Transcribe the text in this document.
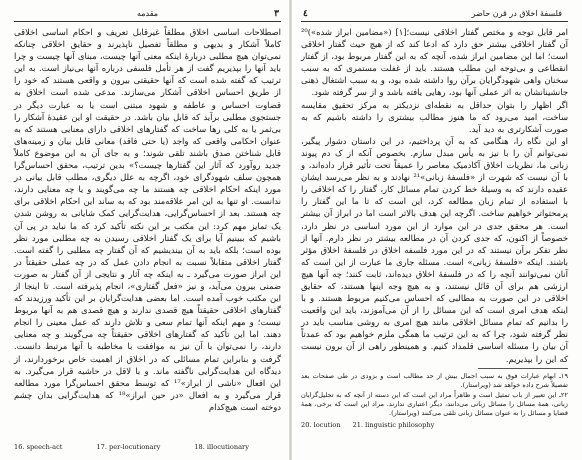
٣
مقدمه

اصطلاحات اساسی اخلاق مطلقاً غیرقابل تعریف و احکام اساسی اخلاقی کاملاً آشکار و بدیهی و مطلقاً تفصیل ناپذیرند و حقایق اخلاقی چنانکه نمی‌توان هیچ مطلبی دربارهٔ اینکه معنی آنها چیست، مبنای آنها چیست و چرا باید آنها را بپذیریم گفت از هر تأمل فلسفی درباره آنها بی‌نیاز است. به این ترتیب که گفته شده است که آنها حقیقتی بیرون و واقعی هستند که خود را از طریق احساس اخلاقی آشکار می‌سازند. مدعی شده است اخلاق به قضاوت احساس و عاطفه و شهود مبتنی است یا به عبارت دیگر در جستجوی مطلبی برآید که قابل بیان باشد. در حقیقت او این عقیدهٔ آشکار را بی‌ثمر یا به کلی رها ساخت که گفتارهای اخلاقی دارای معنایی هستند که به عنوان احکامی واقعی که واجد (یا حتی فاقد) معانی قابل بیان و زمینه‌های قابل شناختن صدق باشند تلقی شوند؛ و به جای آن به این موضوع کاملاً جدید روآورد که آثار این گفتارها چیست؟» بدین ترتیب، محقق احساس‌گرا همچون سلف شهودگرای خود، اگرچه به علل دیگری، مطلب قابل بیانی در مورد اینکه احکام اخلاقی چه هستند ما چه می‌گویند و یا چه معنایی دارند، ندانست. او تنها به این امر علاقه‌مند بود که به ساند این احکام اخلاقی برای چه هستند. بعد از احساس‌گرایی، هدایت‌گرایی کمک شایانی به روشن شدن یک تمایز مهم کرد: این مکتب بر این نکته تأکید کرد که ما نباید در پی آن باشیم که ببینیم آیا برای یک گفتار اخلاقی رسیدن به چه مطلبی مورد نظر بوده است؛ بلکه باید به آن بیندیشیم که آن گفتار چه مطلبی را گفته است. گفتار اخلاقی متقابلاً نسبت به انجام دادن عمل که در چه عملی حقیقتاً در این ابراز صورت می‌گیرد ـ به اینکه چه آثار و نتایجی از آن گفتار به صورت ضمنی بیرون می‌آید، و نیز «فعل گفتاری»، انجام پذیرفته است. تا اینجا از این مکتب خوب آمده است. اما بعضی هدایت‌گرایان بر این تأکید ورزیدند که گفتارهای اخلاقی حقیقتاً هیچ قصدی ندارند و هیچ قصدی هم به آنها مربوط نیست؛ و مهم اینکه آنها تمام سعی و تلاش دارند که عمل معینی را انجام دهند. اما این تأکید که گفتارهای اخلاقی حقیقتاً چه می‌گویند و چه معنایی دارند، را نمی‌توان با آن نیز به موافقت با مخاطبه با آنها مرتبط دانست. گرفت و بنابراین تمام مسائلی که در اخلاق از اهمیت خاص برخوردارند، از دیدگاه این هدایت‌گرایی ناگفته ماند. و با لاقل در حاشیه قرار می‌گیرد. به این افعال «ناشی از ابراز»¹⁷ که توسط محقق احساس‌گرا مورد مطالعه قرار می‌گیرد و به افعال «در حین ابراز»¹⁸ که هدایت‌گرایی بدان چشم دوخته است هیچ‌کدام

16. speech-act	17. per-locutionary	18. illocutionary
٤	فلسفهٔ اخلاق در قرن حاضر

امر قابل توجه و مختص گفتار اخلاقی نیست؛[۱] («مضامین ابراز شده»)²⁰ آن گفتار اخلاقی بیشتر حق دارد که ادعا کند که از هیچ حیث گفتار اخلاقی است؛ اما این مضامین ابراز شده، آنچه که به این گفتار مربوط بود، از گفتار انقطاعی و بی‌توجه این مطلب هستند. باید از غفلت مستمری که به سبب سخنان واهی شهودگرایان برآن روا داشته شده بود، و به سبب اشتغال ذهنی جانشینانشان به اثر عملی آنها بود، رهایی یافته باشد و از سر گرفته شود.

اگر اظهار را بتوان حداقل به نقطه‌ای نزدیکتر به مرکز تحقیق مقایسه ساخت، امید می‌رود که ما هنوز مطالب بیشتری را داشته باشیم که به صورت آشکارتری به دید آید.

او این نگاه را، هنگامی که به آن پرداختیم، در این داستان دشوار پیگیر، نمی‌توانم آن را با نیز به یأس مبدل سازم. بخصوص آنکه از ک دم پیوند زبانی ما، نظریات اخلاق آکادمیک معاصر را عمیقاً تحت تأثیر قرار داده‌اند، و با آن نیست که شهرت از «فلسفهٔ زبانی»²¹ نهادند و به نظر می‌رسد ایشان عقیده دارند که به وسیلهٔ خط کردن تمام مسائل کار، گفتار را که اخلاقی را با استفاده از تمام زبان مطالعه کرد، این است که تا ما این گفتار را پرمحتوا‌تر خواهیم ساخت. اگرچه این هدف بالاتر است اما در ابراز آن بیشتر است. هر محقق جدی در این موارد از این مورد اساسی در نظر دارد، خصوصاً از اکنون، که جدی کردن آن در مطالعه بیشتر در نظر دارم. آنها از نظر تفکر برآن نیستند که در این مورد فلسفه اخلاق در فلسفهٔ اخلاق مؤثر باشند. اینکه «فلسفهٔ زبانی» است. مسئله جاری ما عبارت از این است که آنان نمی‌توانند آنچه را که در فلسفهٔ اخلاق دیده‌اند، ثابت کنند؛ چه آنها هیچ ارزشی هم برای آن قائل نیستند، و به هیچ وجه اینها هستند، که حقایق اخلاقی در این صورت به مطالبی که احساس می‌کنیم مربوط هستند. و با اینکه هدف امری است که این مسائل را از آن می‌آموزند، باید این واقعیت را بدانیم که تمام مسائل اخلاقی مانند هیچ امری به روشی مناسب باید در نظر گرفته شود، چرا که به این ترتیب ما همگی ملزم خواهیم بود که عمدتاً آن بیان را مسئله اساسی قلمداد کنیم. و همینطور راهی از آن برون نیست که این را بپذیریم.

۱۹ـ ابهام عبارات فوق به سبب اجمال بیش از حد مطالب است و بزودی در طی صفحات بعد تفصیلاً شرح داده خواهد شد (ویراستار).

۲۲ـ این تعبیر از باب تمثیل است و ظاهراً مراد این است که این دسته از آنچه که به تحلیل‌گرایان زبانی، همهٔ مسائل را مسائل زبانی می‌دانند، دیگر اعتباری ندارند. مراد این است که برخی، همهٔ قضایا و مسائل را به عنوان مسائل زبانی تلقی می‌کنند (ویراستار).

20. locution 21. linguistic philosophy
